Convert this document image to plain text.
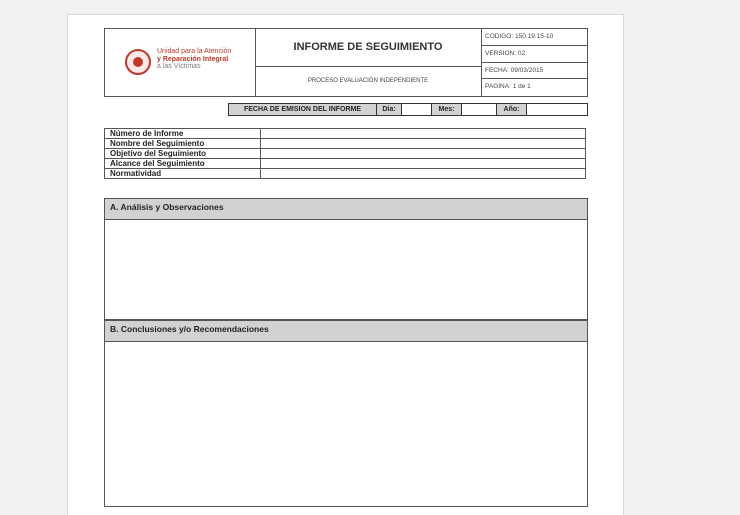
Unidad para la Atención
y Reparación Integral
a las Víctimas
INFORME DE SEGUIMIENTO
PROCESO EVALUACIÓN INDEPENDIENTE
CODIGO: 150.19.15-10
VERSION: 02
FECHA: 09/03/2015
PAGINA: 1 de 1
FECHA DE EMISION DEL INFORME	Día:	Mes:	Año:
Número de Informe	
Nombre del Seguimiento	
Objetivo del Seguimiento	
Alcance del Seguimiento	
Normatividad	
A. Análisis y Observaciones
B. Conclusiones y/o Recomendaciones
